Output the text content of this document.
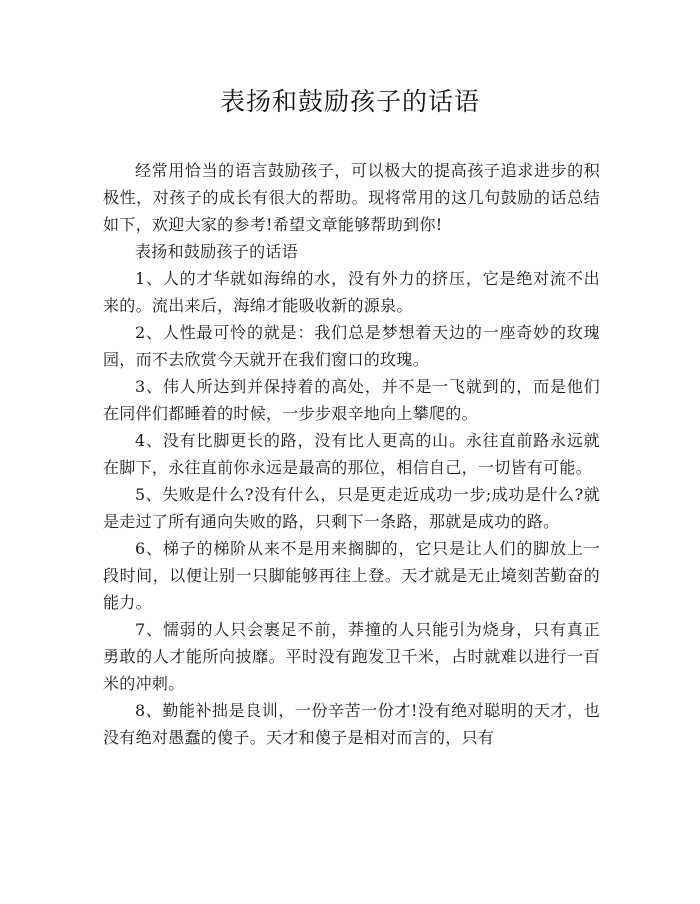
表扬和鼓励孩子的话语

经常用恰当的语言鼓励孩子，可以极大的提高孩子追求进步的积极性，对孩子的成长有很大的帮助。现将常用的这几句鼓励的话总结如下，欢迎大家的参考!希望文章能够帮助到你!

表扬和鼓励孩子的话语

1、人的才华就如海绵的水，没有外力的挤压，它是绝对流不出来的。流出来后，海绵才能吸收新的源泉。

2、人性最可怜的就是：我们总是梦想着天边的一座奇妙的玫瑰园，而不去欣赏今天就开在我们窗口的玫瑰。

3、伟人所达到并保持着的高处，并不是一飞就到的，而是他们在同伴们都睡着的时候，一步步艰辛地向上攀爬的。

4、没有比脚更长的路，没有比人更高的山。永往直前路永远就在脚下，永往直前你永远是最高的那位，相信自己，一切皆有可能。

5、失败是什么?没有什么，只是更走近成功一步;成功是什么?就是走过了所有通向失败的路，只剩下一条路，那就是成功的路。

6、梯子的梯阶从来不是用来搁脚的，它只是让人们的脚放上一段时间，以便让别一只脚能够再往上登。天才就是无止境刻苦勤奋的能力。

7、懦弱的人只会裹足不前，莽撞的人只能引为烧身，只有真正勇敢的人才能所向披靡。平时没有跑发卫千米，占时就难以进行一百米的冲刺。

8、勤能补拙是良训，一份辛苦一份才!没有绝对聪明的天才，也没有绝对愚蠢的傻子。天才和傻子是相对而言的，只有
